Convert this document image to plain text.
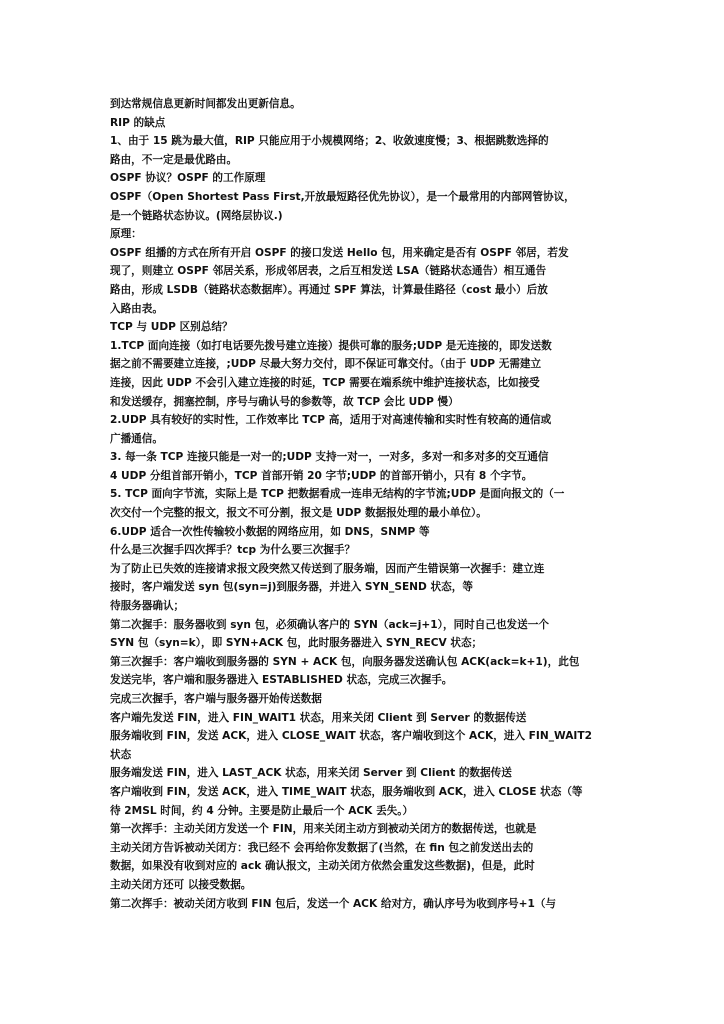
到达常规信息更新时间都发出更新信息。
RIP 的缺点
1、由于 15 跳为最大值，RIP 只能应用于小规模网络；2、收敛速度慢；3、根据跳数选择的
路由，不一定是最优路由。
OSPF 协议？OSPF 的工作原理
OSPF（Open Shortest Pass First,开放最短路径优先协议），是一个最常用的内部网管协议，
是一个链路状态协议。(网络层协议.)
原理：
OSPF 组播的方式在所有开启 OSPF 的接口发送 Hello 包，用来确定是否有 OSPF 邻居，若发
现了，则建立 OSPF 邻居关系，形成邻居表，之后互相发送 LSA（链路状态通告）相互通告
路由，形成 LSDB（链路状态数据库）。再通过 SPF 算法，计算最佳路径（cost 最小）后放
入路由表。
TCP 与 UDP 区别总结？
1.TCP 面向连接（如打电话要先拨号建立连接）提供可靠的服务;UDP 是无连接的，即发送数
据之前不需要建立连接，;UDP 尽最大努力交付，即不保证可靠交付。（由于 UDP 无需建立
连接，因此 UDP 不会引入建立连接的时延，TCP 需要在端系统中维护连接状态，比如接受
和发送缓存，拥塞控制，序号与确认号的参数等，故 TCP 会比 UDP 慢）
2.UDP 具有较好的实时性，工作效率比 TCP 高，适用于对高速传输和实时性有较高的通信或
广播通信。
3. 每一条 TCP 连接只能是一对一的;UDP 支持一对一，一对多，多对一和多对多的交互通信
4 UDP 分组首部开销小，TCP 首部开销 20 字节;UDP 的首部开销小，只有 8 个字节。
5. TCP 面向字节流，实际上是 TCP 把数据看成一连串无结构的字节流;UDP 是面向报文的（一
次交付一个完整的报文，报文不可分割，报文是 UDP 数据报处理的最小单位）。
6.UDP 适合一次性传输较小数据的网络应用，如 DNS，SNMP 等
什么是三次握手四次挥手？tcp 为什么要三次握手？
为了防止已失效的连接请求报文段突然又传送到了服务端，因而产生错误第一次握手：建立连
接时，客户端发送 syn 包(syn=j)到服务器，并进入 SYN_SEND 状态，等
待服务器确认；
第二次握手：服务器收到 syn 包，必须确认客户的 SYN（ack=j+1），同时自己也发送一个
SYN 包（syn=k），即 SYN+ACK 包，此时服务器进入 SYN_RECV 状态；
第三次握手：客户端收到服务器的 SYN + ACK 包，向服务器发送确认包 ACK(ack=k+1)，此包
发送完毕，客户端和服务器进入 ESTABLISHED 状态，完成三次握手。
完成三次握手，客户端与服务器开始传送数据
客户端先发送 FIN，进入 FIN_WAIT1 状态，用来关闭 Client 到 Server 的数据传送
服务端收到 FIN，发送 ACK，进入 CLOSE_WAIT 状态，客户端收到这个 ACK，进入 FIN_WAIT2
状态
服务端发送 FIN，进入 LAST_ACK 状态，用来关闭 Server 到 Client 的数据传送
客户端收到 FIN，发送 ACK，进入 TIME_WAIT 状态，服务端收到 ACK，进入 CLOSE 状态（等
待 2MSL 时间，约 4 分钟。主要是防止最后一个 ACK 丢失。）
第一次挥手：主动关闭方发送一个 FIN，用来关闭主动方到被动关闭方的数据传送，也就是
主动关闭方告诉被动关闭方：我已经不 会再给你发数据了(当然，在 fin 包之前发送出去的
数据，如果没有收到对应的 ack 确认报文，主动关闭方依然会重发这些数据)，但是，此时
主动关闭方还可 以接受数据。
第二次挥手：被动关闭方收到 FIN 包后，发送一个 ACK 给对方，确认序号为收到序号+1（与
